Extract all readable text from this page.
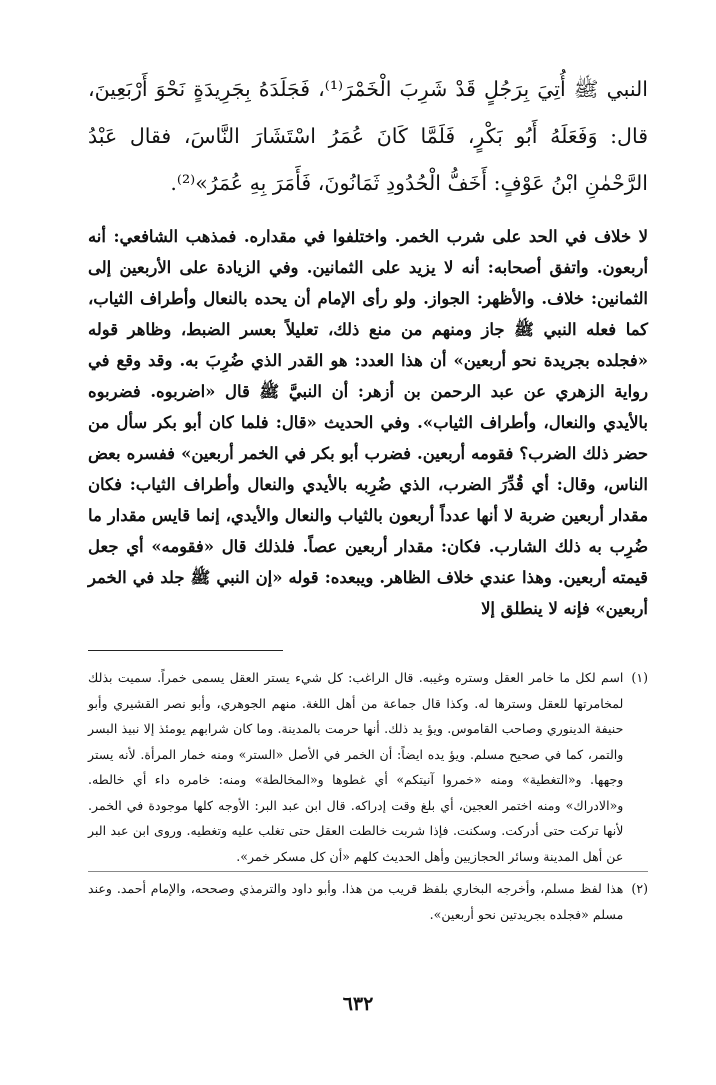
النبي ﷺ أُتِيَ بِرَجُلٍ قَدْ شَرِبَ الْخَمْرَ⁽¹⁾، فَجَلَدَهُ بِجَرِيدَةٍ نَحْوَ أَرْبَعِينَ، قال: وَفَعَلَهُ أَبُو بَكْرٍ، فَلَمَّا كَانَ عُمَرُ اسْتَشَارَ النَّاسَ، فقال عَبْدُ الرَّحْمٰنِ ابْنُ عَوْفٍ: أَخَفُّ الْحُدُودِ ثَمَانُونَ، فَأَمَرَ بِهِ عُمَرُ»⁽²⁾.

لا خلاف في الحد على شرب الخمر. واختلفوا في مقداره. فمذهب الشافعي: أنه أربعون. واتفق أصحابه: أنه لا يزيد على الثمانين. وفي الزيادة على الأربعين إلى الثمانين: خلاف. والأظهر: الجواز. ولو رأى الإمام أن يحده بالنعال وأطراف الثياب، كما فعله النبي ﷺ جاز ومنهم من منع ذلك، تعليلاً بعسر الضبط، وظاهر قوله «فجلده بجريدة نحو أربعين» أن هذا العدد: هو القدر الذي ضُرِبَ به. وقد وقع في رواية الزهري عن عبد الرحمن بن أزهر: أن النبيَّ ﷺ قال «اضربوه. فضربوه بالأيدي والنعال، وأطراف الثياب». وفي الحديث «قال: فلما كان أبو بكر سأل من حضر ذلك الضرب؟ فقومه أربعين. فضرب أبو بكر في الخمر أربعين» ففسره بعض الناس، وقال: أي قُدِّرَ الضرب، الذي ضُرِبه بالأيدي والنعال وأطراف الثياب: فكان مقدار أربعين ضربة لا أنها عدداً أربعون بالثياب والنعال والأيدي، إنما قايس مقدار ما ضُرِب به ذلك الشارب. فكان: مقدار أربعين عصاً. فلذلك قال «فقومه» أي جعل قيمته أربعين. وهذا عندي خلاف الظاهر. ويبعده: قوله «إن النبي ﷺ جلد في الخمر أربعين» فإنه لا ينطلق إلا

(١)
اسم لكل ما خامر العقل وستره وغيبه. قال الراغب: كل شيء يستر العقل يسمى خمراً. سميت بذلك لمخامرتها للعقل وسترها له. وكذا قال جماعة من أهل اللغة. منهم الجوهري، وأبو نصر القشيري وأبو حنيفة الدينوري وصاحب القاموس. ويؤ يد ذلك. أنها حرمت بالمدينة. وما كان شرابهم يومئذ إلا نبيذ البسر والتمر، كما في صحيح مسلم. ويؤ يده ايضاً: أن الخمر في الأصل «الستر» ومنه خمار المرأة. لأنه يستر وجهها. و«التغطية» ومنه «خمروا آنيتكم» أي غطوها و«المخالطة» ومنه: خامره داء أي خالطه. و«الادراك» ومنه اختمر العجين، أي بلغ وقت إدراكه. قال ابن عبد البر: الأوجه كلها موجودة في الخمر. لأنها تركت حتى أدركت. وسكنت. فإذا شربت خالطت العقل حتى تغلب عليه وتغطيه. وروى ابن عبد البر عن أهل المدينة وسائر الحجازيين وأهل الحديث كلهم «أن كل مسكر خمر».
(٢)
هذا لفظ مسلم، وأخرجه البخاري بلفظ قريب من هذا. وأبو داود والترمذي وصححه، والإمام أحمد. وعند مسلم «فجلده بجريدتين نحو أربعين».
٦٣٢
